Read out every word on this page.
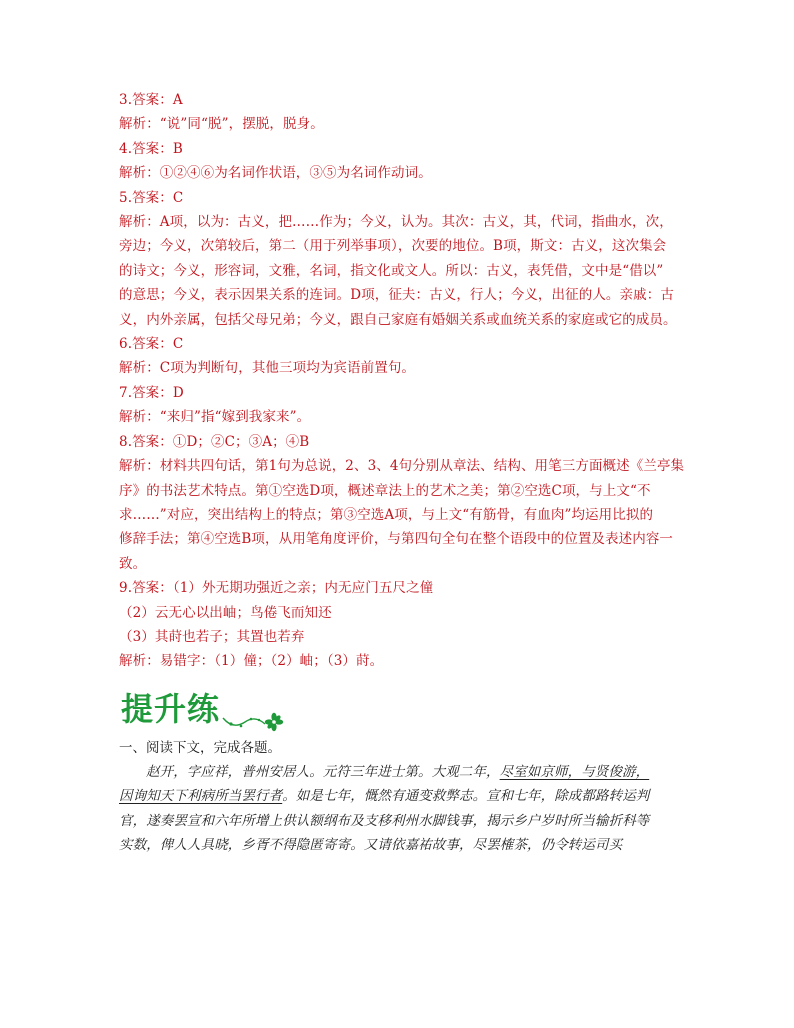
3.答案：A
解析：“说”同“脱”，摆脱，脱身。
4.答案：B
解析：①②④⑥为名词作状语，③⑤为名词作动词。
5.答案：C
解析：A项，以为：古义，把……作为；今义，认为。其次：古义，其，代词，指曲水，次，
旁边；今义，次第较后，第二（用于列举事项），次要的地位。B项，斯文：古义，这次集会
的诗文；今义，形容词，文雅，名词，指文化或文人。所以：古义，表凭借，文中是“借以”
的意思；今义，表示因果关系的连词。D项，征夫：古义，行人；今义，出征的人。亲戚：古
义，内外亲属，包括父母兄弟；今义，跟自己家庭有婚姻关系或血统关系的家庭或它的成员。
6.答案：C
解析：C项为判断句，其他三项均为宾语前置句。
7.答案：D
解析：“来归”指“嫁到我家来”。
8.答案：①D；②C；③A；④B
解析：材料共四句话，第1句为总说，2、3、4句分别从章法、结构、用笔三方面概述《兰亭集
序》的书法艺术特点。第①空选D项，概述章法上的艺术之美；第②空选C项，与上文“不
求……”对应，突出结构上的特点；第③空选A项，与上文“有筋骨，有血肉”均运用比拟的
修辞手法；第④空选B项，从用笔角度评价，与第四句全句在整个语段中的位置及表述内容一
致。
9.答案：（1）外无期功强近之亲；内无应门五尺之僮
（2）云无心以出岫；鸟倦飞而知还
（3）其莳也若子；其置也若弃
解析：易错字：（1）僮；（2）岫；（3）莳。
提升练
一、阅读下文，完成各题。
赵开，字应祥，普州安居人。元符三年进士第。大观二年，尽室如京师，与贤俊游，
因询知天下利病所当罢行者。如是七年，慨然有通变救弊志。宣和七年，除成都路转运判
官，遂奏罢宣和六年所增上供认额纲布及支移利州水脚钱事，揭示乡户岁时所当输折科等
实数，俾人人具晓，乡胥不得隐匿寄寄。又请依嘉祐故事，尽罢榷茶，仍令转运司买
